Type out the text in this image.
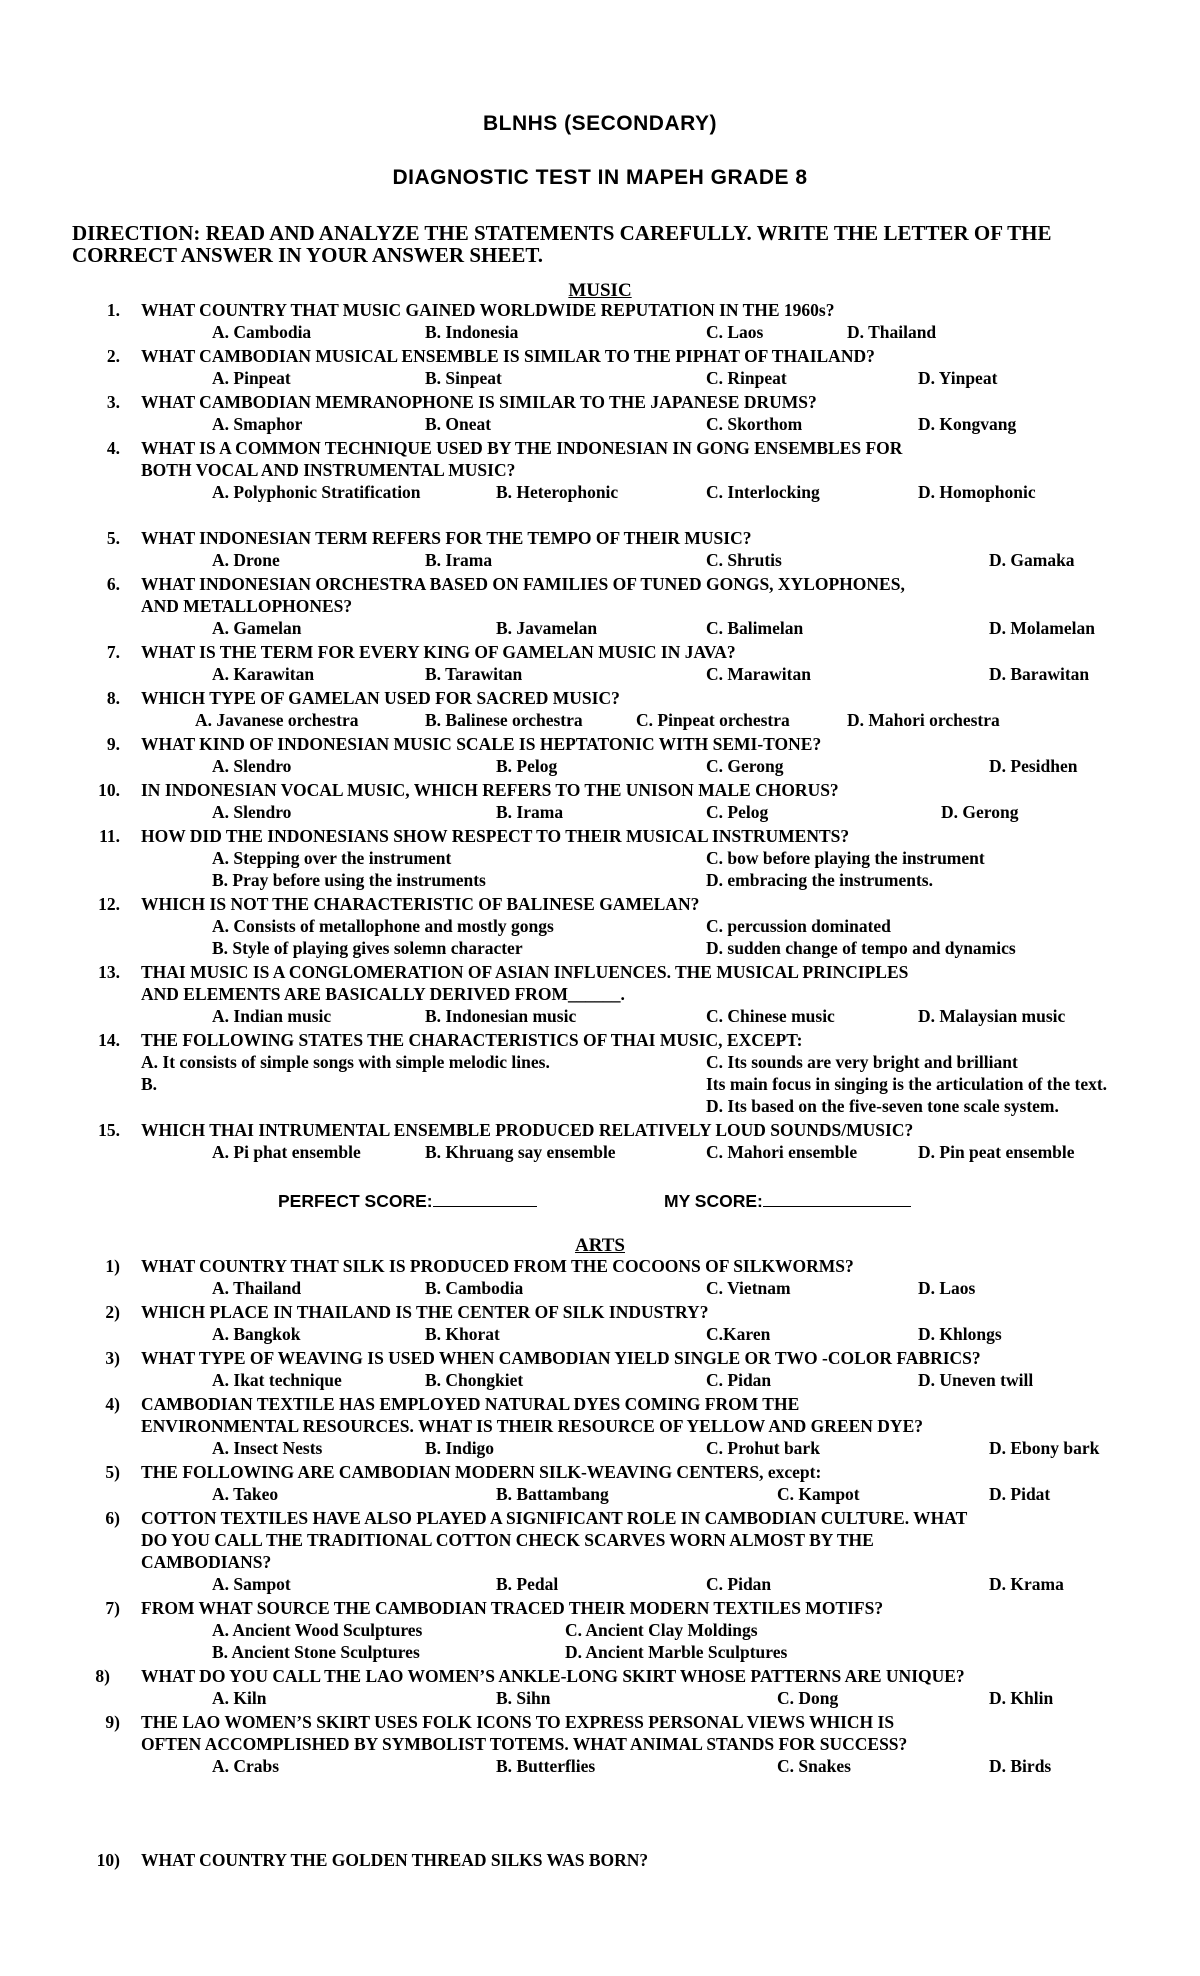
BLNHS (SECONDARY)
DIAGNOSTIC TEST IN MAPEH GRADE 8
DIRECTION: READ AND ANALYZE THE STATEMENTS CAREFULLY. WRITE THE LETTER OF THE CORRECT ANSWER IN YOUR ANSWER SHEET.
MUSIC
1. WHAT COUNTRY THAT MUSIC GAINED WORLDWIDE REPUTATION IN THE 1960s?
A. Cambodia	B. Indonesia	C. Laos	D. Thailand
2. WHAT CAMBODIAN MUSICAL ENSEMBLE IS SIMILAR TO THE PIPHAT OF THAILAND?
A. Pinpeat	B. Sinpeat	C. Rinpeat	D. Yinpeat
3. WHAT CAMBODIAN MEMRANOPHONE IS SIMILAR TO THE JAPANESE DRUMS?
A. Smaphor	B. Oneat	C. Skorthom	D. Kongvang
4. WHAT IS A COMMON TECHNIQUE USED BY THE INDONESIAN IN GONG ENSEMBLES FOR
BOTH VOCAL AND INSTRUMENTAL MUSIC?
A. Polyphonic Stratification	B. Heterophonic	C. Interlocking	D. Homophonic
5. WHAT INDONESIAN TERM REFERS FOR THE TEMPO OF THEIR MUSIC?
A. Drone	B. Irama	C. Shrutis	D. Gamaka
6. WHAT INDONESIAN ORCHESTRA BASED ON FAMILIES OF TUNED GONGS, XYLOPHONES,
AND METALLOPHONES?
A. Gamelan	B. Javamelan	C. Balimelan	D. Molamelan
7. WHAT IS THE TERM FOR EVERY KING OF GAMELAN MUSIC IN JAVA?
A. Karawitan	B. Tarawitan	C. Marawitan	D. Barawitan
8. WHICH TYPE OF GAMELAN USED FOR SACRED MUSIC?
A. Javanese orchestra	B. Balinese orchestra	C. Pinpeat orchestra	D. Mahori orchestra
9. WHAT KIND OF INDONESIAN MUSIC SCALE IS HEPTATONIC WITH SEMI-TONE?
A. Slendro	B. Pelog	C. Gerong	D. Pesidhen
10. IN INDONESIAN VOCAL MUSIC, WHICH REFERS TO THE UNISON MALE CHORUS?
A. Slendro	B. Irama	C. Pelog	D. Gerong
11. HOW DID THE INDONESIANS SHOW RESPECT TO THEIR MUSICAL INSTRUMENTS?
A. Stepping over the instrument	C. bow before playing the instrument
B. Pray before using the instruments	D. embracing the instruments.
12. WHICH IS NOT THE CHARACTERISTIC OF BALINESE GAMELAN?
A. Consists of metallophone and mostly gongs	C. percussion dominated
B. Style of playing gives solemn character	D. sudden change of tempo and dynamics
13. THAI MUSIC IS A CONGLOMERATION OF ASIAN INFLUENCES. THE MUSICAL PRINCIPLES
AND ELEMENTS ARE BASICALLY DERIVED FROM______.
A. Indian music	B. Indonesian music	C. Chinese music	D. Malaysian music
14. THE FOLLOWING STATES THE CHARACTERISTICS OF THAI MUSIC, EXCEPT:
A. It consists of simple songs with simple melodic lines.	C. Its sounds are very bright and brilliant
B.	Its main focus in singing is the articulation of the text.
D. Its based on the five-seven tone scale system.
15. WHICH THAI INTRUMENTAL ENSEMBLE PRODUCED RELATIVELY LOUD SOUNDS/MUSIC?
A. Pi phat ensemble	B. Khruang say ensemble	C. Mahori ensemble	D. Pin peat ensemble
PERFECT SCORE:	MY SCORE:
ARTS
1) WHAT COUNTRY THAT SILK IS PRODUCED FROM THE COCOONS OF SILKWORMS?
A. Thailand	B. Cambodia	C. Vietnam	D. Laos
2) WHICH PLACE IN THAILAND IS THE CENTER OF SILK INDUSTRY?
A. Bangkok	B. Khorat	C.Karen	D. Khlongs
3) WHAT TYPE OF WEAVING IS USED WHEN CAMBODIAN YIELD SINGLE OR TWO -COLOR FABRICS?
A. Ikat technique	B. Chongkiet	C. Pidan	D. Uneven twill
4) CAMBODIAN TEXTILE HAS EMPLOYED NATURAL DYES COMING FROM THE
ENVIRONMENTAL RESOURCES. WHAT IS THEIR RESOURCE OF YELLOW AND GREEN DYE?
A. Insect Nests	B. Indigo	C. Prohut bark	D. Ebony bark
5) THE FOLLOWING ARE CAMBODIAN MODERN SILK-WEAVING CENTERS, except:
A. Takeo	B. Battambang	C. Kampot	D. Pidat
6) COTTON TEXTILES HAVE ALSO PLAYED A SIGNIFICANT ROLE IN CAMBODIAN CULTURE. WHAT
DO YOU CALL THE TRADITIONAL COTTON CHECK SCARVES WORN ALMOST BY THE
CAMBODIANS?
A. Sampot	B. Pedal	C. Pidan	D. Krama
7) FROM WHAT SOURCE THE CAMBODIAN TRACED THEIR MODERN TEXTILES MOTIFS?
A. Ancient Wood Sculptures	C. Ancient Clay Moldings
B. Ancient Stone Sculptures	D. Ancient Marble Sculptures
8) WHAT DO YOU CALL THE LAO WOMEN’S ANKLE-LONG SKIRT WHOSE PATTERNS ARE UNIQUE?
A. Kiln	B. Sihn	C. Dong	D. Khlin
9) THE LAO WOMEN’S SKIRT USES FOLK ICONS TO EXPRESS PERSONAL VIEWS WHICH IS
OFTEN ACCOMPLISHED BY SYMBOLIST TOTEMS. WHAT ANIMAL STANDS FOR SUCCESS?
A. Crabs	B. Butterflies	C. Snakes	D. Birds
10) WHAT COUNTRY THE GOLDEN THREAD SILKS WAS BORN?
